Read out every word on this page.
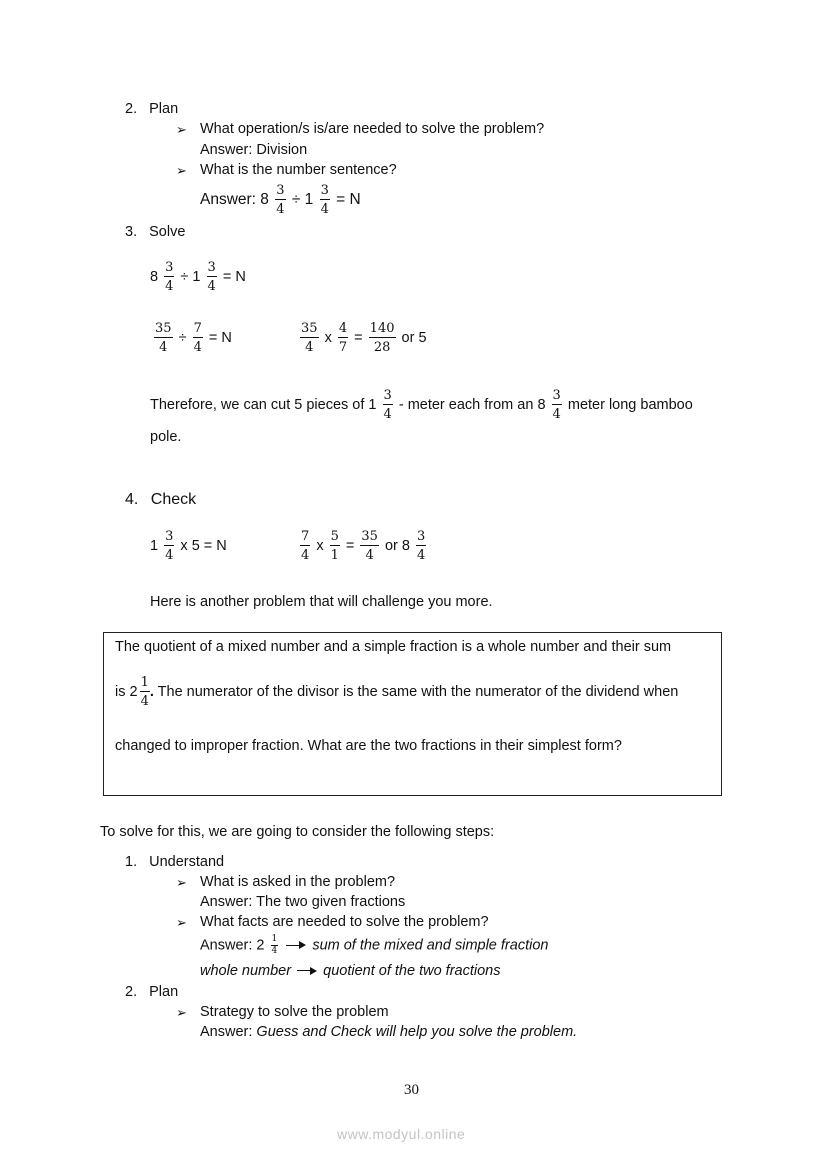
2. Plan
➢ What operation/s is/are needed to solve the problem?
Answer: Division
➢ What is the number sentence?
Answer: $8 \frac{3}{4} \div 1 \frac{3}{4} = N$
3. Solve
$8 \frac{3}{4} \div 1 \frac{3}{4} = N$
$\frac{35}{4} \div \frac{7}{4} = N$	$\frac{35}{4}$ x $\frac{4}{7} = \frac{140}{28}$ or 5
Therefore, we can cut 5 pieces of $1 \frac{3}{4}$ - meter each from an $8 \frac{3}{4}$ meter long bamboo
pole.
4. Check
$1 \frac{3}{4}$ x 5 = N	$\frac{7}{4}$ x $\frac{5}{1} = \frac{35}{4}$ or $8 \frac{3}{4}$
Here is another problem that will challenge you more.
The quotient of a mixed number and a simple fraction is a whole number and their sum
is $2 \frac{1}{4}$ . The numerator of the divisor is the same with the numerator of the dividend when
changed to improper fraction. What are the two fractions in their simplest form?
To solve for this, we are going to consider the following steps:
1. Understand
➢ What is asked in the problem?
Answer: The two given fractions
➢ What facts are needed to solve the problem?
Answer: $2 \frac{1}{4}$ sum of the mixed and simple fraction
whole number quotient of the two fractions
2. Plan
➢ Strategy to solve the problem
Answer: Guess and Check will help you solve the problem.
30
www.modyul.online
